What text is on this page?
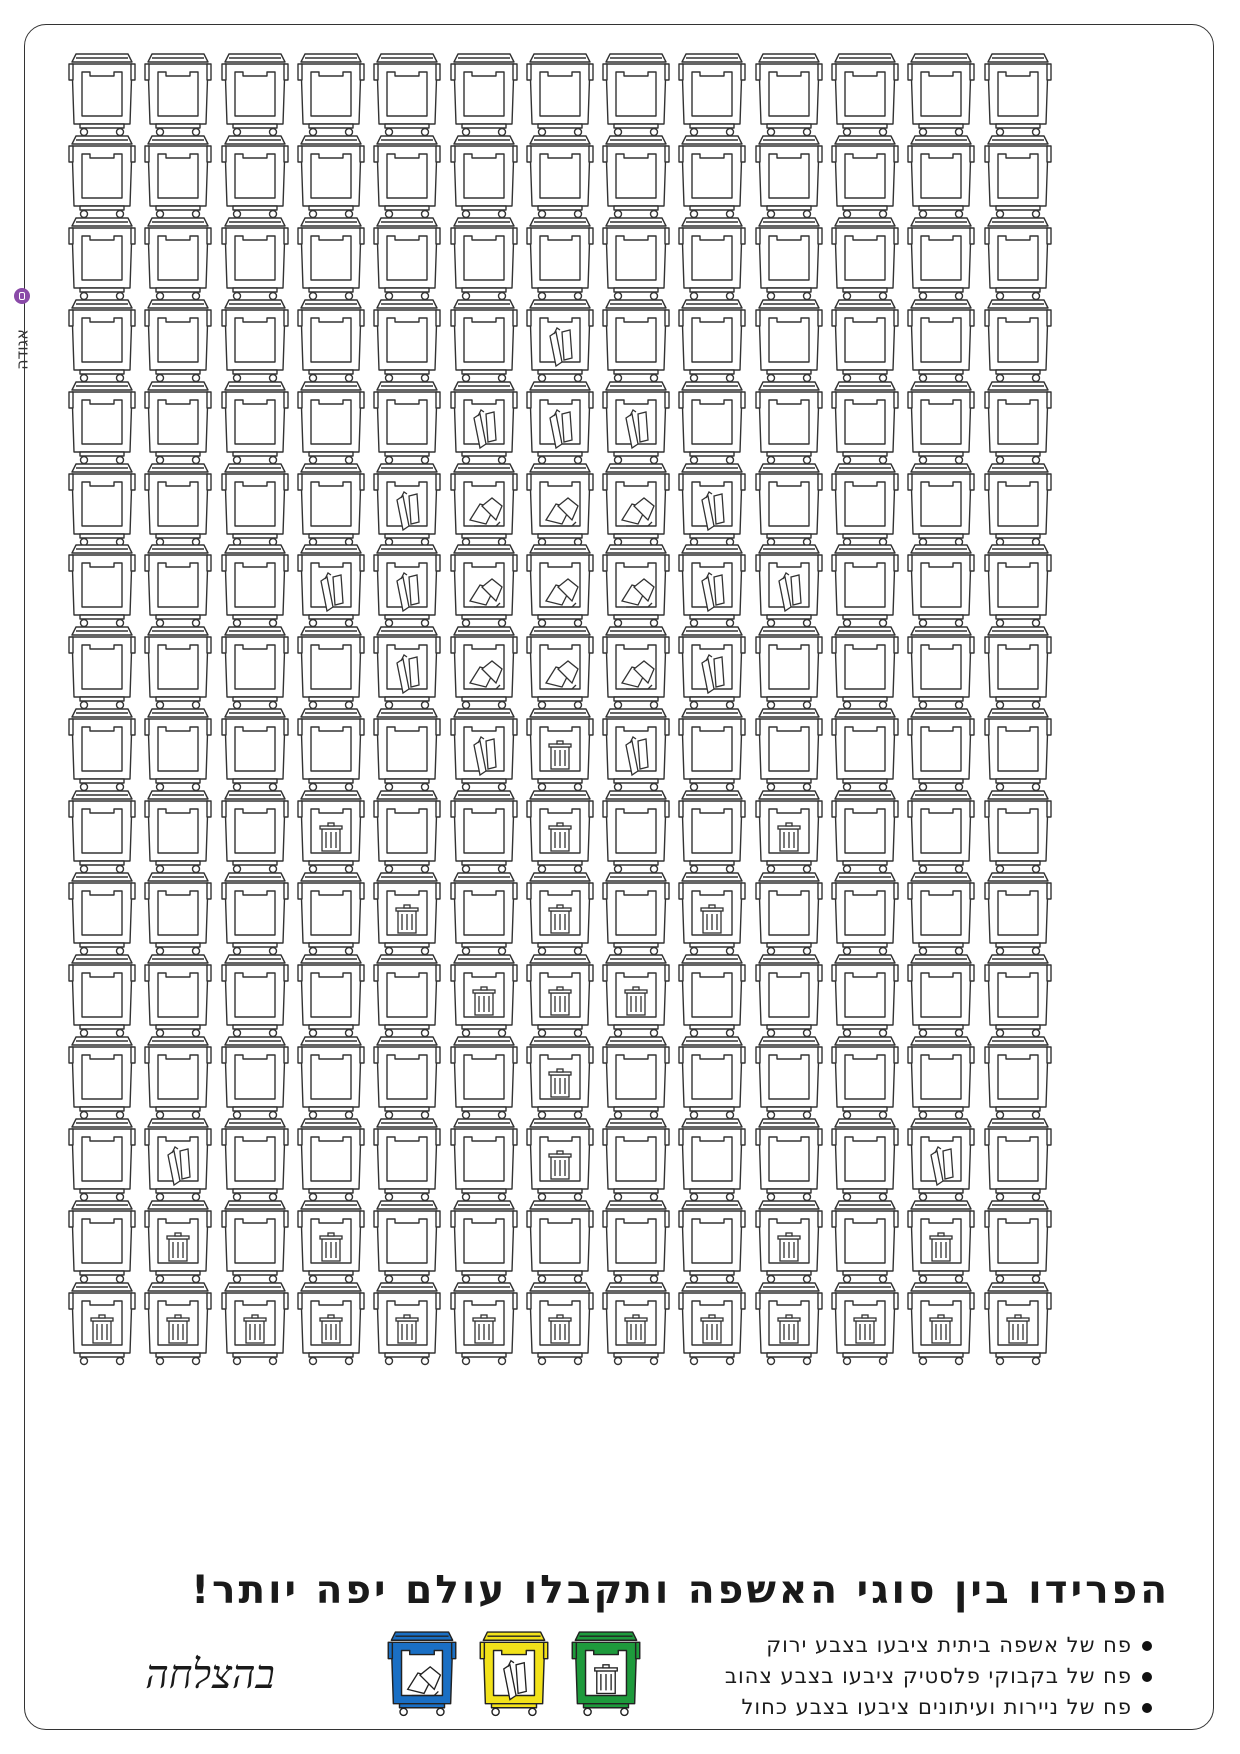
אגודה
הפרידו בין סוגי האשפה ותקבלו עולם יפה יותר!
פח של אשפה ביתית ציבעו בצבע ירוק
פח של בקבוקי פלסטיק ציבעו בצבע צהוב
פח של ניירות ועיתונים ציבעו בצבע כחול
בהצלחה
